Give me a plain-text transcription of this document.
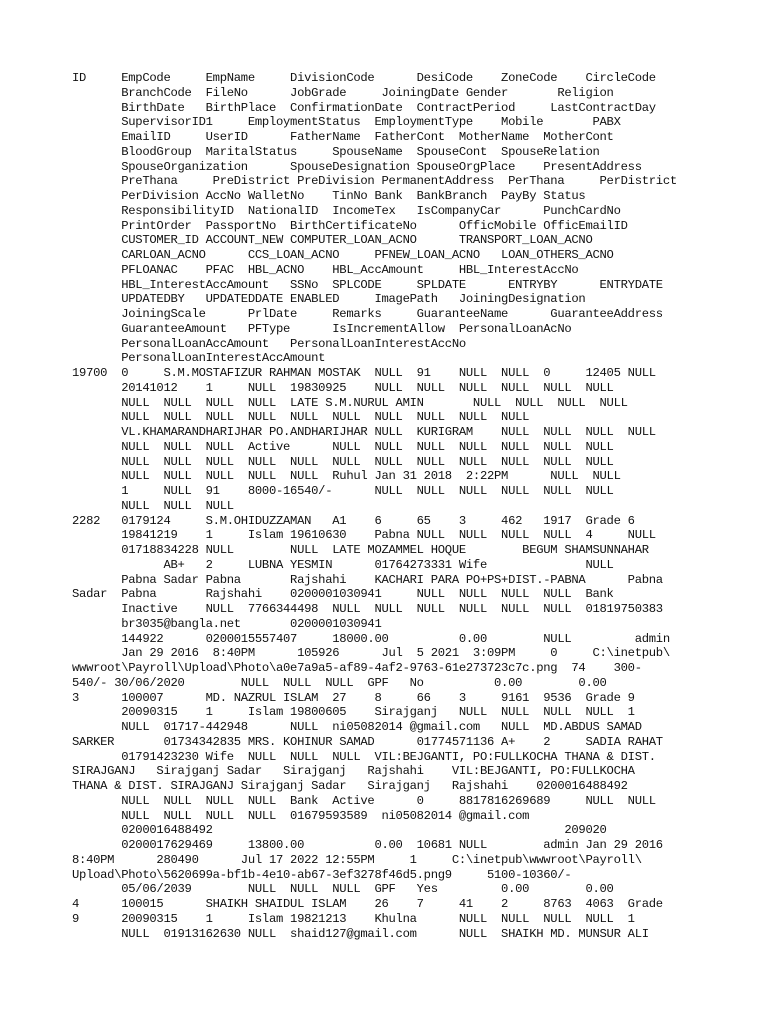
ID     EmpCode     EmpName     DivisionCode      DesiCode    ZoneCode    CircleCode
BranchCode  FileNo      JobGrade     JoiningDate Gender       Religion
BirthDate   BirthPlace  ConfirmationDate  ContractPeriod     LastContractDay
SupervisorID1     EmploymentStatus  EmploymentType    Mobile       PABX
EmailID     UserID      FatherName  FatherCont  MotherName  MotherCont
BloodGroup  MaritalStatus     SpouseName  SpouseCont  SpouseRelation
SpouseOrganization      SpouseDesignation SpouseOrgPlace    PresentAddress
PreThana     PreDistrict PreDivision PermanentAddress  PerThana     PerDistrict
PerDivision AccNo WalletNo    TinNo Bank  BankBranch  PayBy Status
ResponsibilityID  NationalID  IncomeTex   IsCompanyCar      PunchCardNo
PrintOrder  PassportNo  BirthCertificateNo      OfficMobile OfficEmailID
CUSTOMER_ID ACCOUNT_NEW COMPUTER_LOAN_ACNO      TRANSPORT_LOAN_ACNO
CARLOAN_ACNO      CCS_LOAN_ACNO     PFNEW_LOAN_ACNO   LOAN_OTHERS_ACNO
PFLOANAC    PFAC  HBL_ACNO    HBL_AccAmount     HBL_InterestAccNo
HBL_InterestAccAmount   SSNo  SPLCODE     SPLDATE      ENTRYBY      ENTRYDATE
UPDATEDBY   UPDATEDDATE ENABLED     ImagePath   JoiningDesignation
JoiningScale      PrlDate     Remarks     GuaranteeName      GuaranteeAddress
GuaranteeAmount   PFType      IsIncrementAllow  PersonalLoanAcNo
PersonalLoanAccAmount   PersonalLoanInterestAccNo
PersonalLoanInterestAccAmount
19700  0     S.M.MOSTAFIZUR RAHMAN MOSTAK  NULL  91    NULL  NULL  0     12405 NULL
20141012    1     NULL  19830925    NULL  NULL  NULL  NULL  NULL  NULL
NULL  NULL  NULL  NULL  LATE S.M.NURUL AMIN       NULL  NULL  NULL  NULL
NULL  NULL  NULL  NULL  NULL  NULL  NULL  NULL  NULL  NULL
VL.KHAMARANDHARIJHAR PO.ANDHARIJHAR NULL  KURIGRAM    NULL  NULL  NULL  NULL
NULL  NULL  NULL  Active      NULL  NULL  NULL  NULL  NULL  NULL  NULL
NULL  NULL  NULL  NULL  NULL  NULL  NULL  NULL  NULL  NULL  NULL  NULL
NULL  NULL  NULL  NULL  NULL  Ruhul Jan 31 2018  2:22PM      NULL  NULL
1     NULL  91    8000-16540/-      NULL  NULL  NULL  NULL  NULL  NULL
NULL  NULL  NULL
2282   0179124     S.M.OHIDUZZAMAN   A1    6     65    3     462   1917  Grade 6
19841219    1     Islam 19610630    Pabna NULL  NULL  NULL  NULL  4     NULL
01718834228 NULL        NULL  LATE MOZAMMEL HOQUE        BEGUM SHAMSUNNAHAR
AB+   2     LUBNA YESMIN      01764273331 Wife              NULL
Pabna Sadar Pabna       Rajshahi    KACHARI PARA PO+PS+DIST.-PABNA      Pabna
Sadar  Pabna       Rajshahi    0200001030941     NULL  NULL  NULL  NULL  Bank
Inactive    NULL  7766344498  NULL  NULL  NULL  NULL  NULL  NULL  01819750383
br3035@bangla.net       0200001030941
144922      0200015557407     18000.00          0.00        NULL         admin
Jan 29 2016  8:40PM      105926      Jul  5 2021  3:09PM     0     C:\inetpub\
wwwroot\Payroll\Upload\Photo\a0e7a9a5-af89-4af2-9763-61e273723c7c.png  74    300-
540/- 30/06/2020        NULL  NULL  NULL  GPF   No          0.00        0.00
3      100007      MD. NAZRUL ISLAM  27    8     66    3     9161  9536  Grade 9
20090315    1     Islam 19800605    Sirajganj   NULL  NULL  NULL  NULL  1
NULL  01717-442948      NULL  ni05082014 @gmail.com   NULL  MD.ABDUS SAMAD
SARKER       01734342835 MRS. KOHINUR SAMAD      01774571136 A+    2     SADIA RAHAT
01791423230 Wife  NULL  NULL  NULL  VIL:BEJGANTI, PO:FULLKOCHA THANA & DIST.
SIRAJGANJ   Sirajganj Sadar   Sirajganj   Rajshahi    VIL:BEJGANTI, PO:FULLKOCHA
THANA & DIST. SIRAJGANJ Sirajganj Sadar   Sirajganj   Rajshahi    0200016488492
NULL  NULL  NULL  NULL  Bank  Active      0     8817816269689     NULL  NULL
NULL  NULL  NULL  NULL  01679593589  ni05082014 @gmail.com
0200016488492                                                  209020
0200017629469     13800.00          0.00  10681 NULL        admin Jan 29 2016
8:40PM      280490      Jul 17 2022 12:55PM     1     C:\inetpub\wwwroot\Payroll\
Upload\Photo\5620699a-bf1b-4e10-ab67-3ef3278f46d5.png9     5100-10360/-
05/06/2039        NULL  NULL  NULL  GPF   Yes         0.00        0.00
4      100015      SHAIKH SHAIDUL ISLAM    26    7     41    2     8763  4063  Grade
9      20090315    1     Islam 19821213    Khulna      NULL  NULL  NULL  NULL  1
NULL  01913162630 NULL  shaid127@gmail.com      NULL  SHAIKH MD. MUNSUR ALI
